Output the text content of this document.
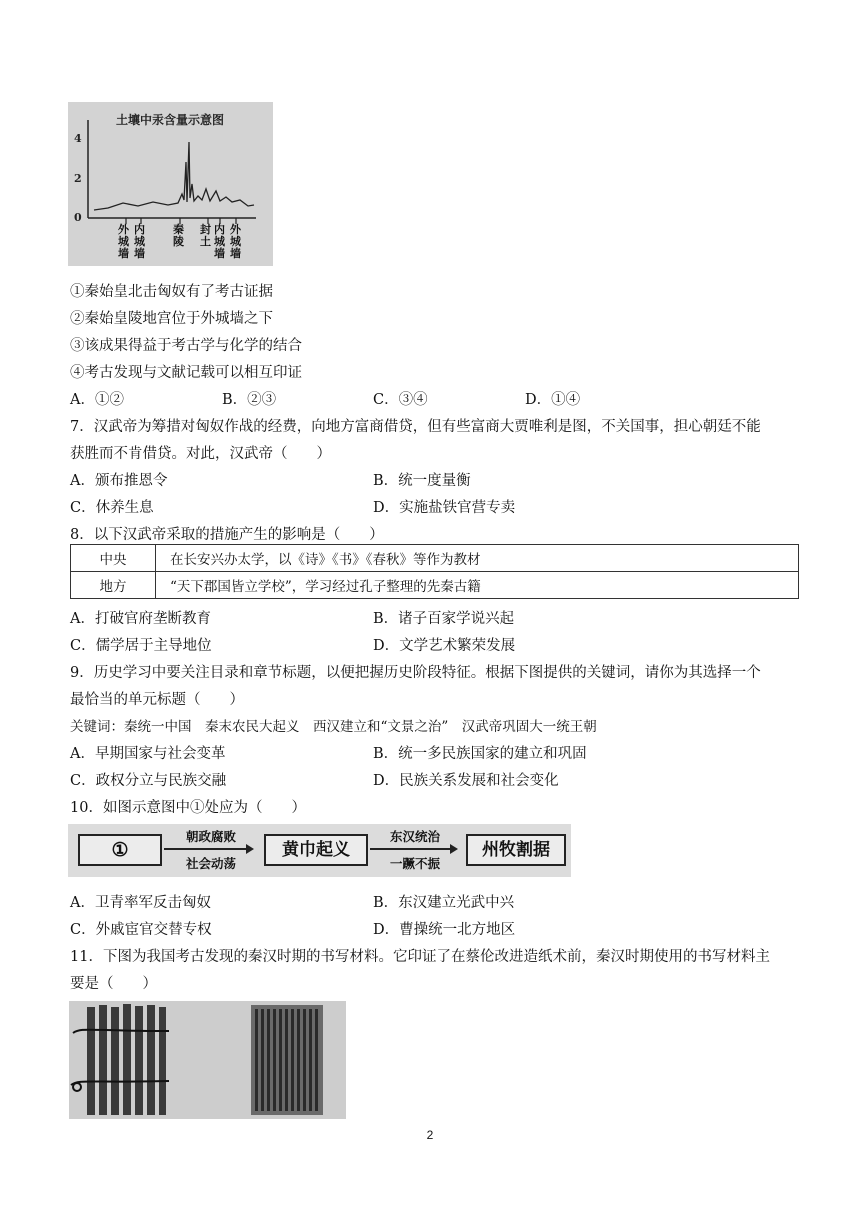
土壤中汞含量示意图
4
2
0
外城墙
内城墙
秦陵
封土
内城墙
外城墙
①秦始皇北击匈奴有了考古证据
②秦始皇陵地宫位于外城墙之下
③该成果得益于考古学与化学的结合
④考古发现与文献记载可以相互印证
A．①②	B．②③	C．③④	D．①④
7．汉武帝为筹措对匈奴作战的经费，向地方富商借贷，但有些富商大贾唯利是图，不关国事，担心朝廷不能
获胜而不肯借贷。对此，汉武帝（　　）
A．颁布推恩令	B．统一度量衡
C．休养生息	D．实施盐铁官营专卖
8．以下汉武帝采取的措施产生的影响是（　　）
中央	在长安兴办太学，以《诗》《书》《春秋》等作为教材
地方	“天下郡国皆立学校”，学习经过孔子整理的先秦古籍
A．打破官府垄断教育	B．诸子百家学说兴起
C．儒学居于主导地位	D．文学艺术繁荣发展
9．历史学习中要关注目录和章节标题，以便把握历史阶段特征。根据下图提供的关键词，请你为其选择一个
最恰当的单元标题（　　）
关键词：秦统一中国　秦末农民大起义　西汉建立和“文景之治”　汉武帝巩固大一统王朝
A．早期国家与社会变革	B．统一多民族国家的建立和巩固
C．政权分立与民族交融	D．民族关系发展和社会变化
10．如图示意图中①处应为（　　）
①
朝政腐败
社会动荡
黄巾起义
东汉统治
一蹶不振
州牧割据
A．卫青率军反击匈奴	B．东汉建立光武中兴
C．外戚宦官交替专权	D．曹操统一北方地区
11．下图为我国考古发现的秦汉时期的书写材料。它印证了在蔡伦改进造纸术前，秦汉时期使用的书写材料主
要是（　　）
2
